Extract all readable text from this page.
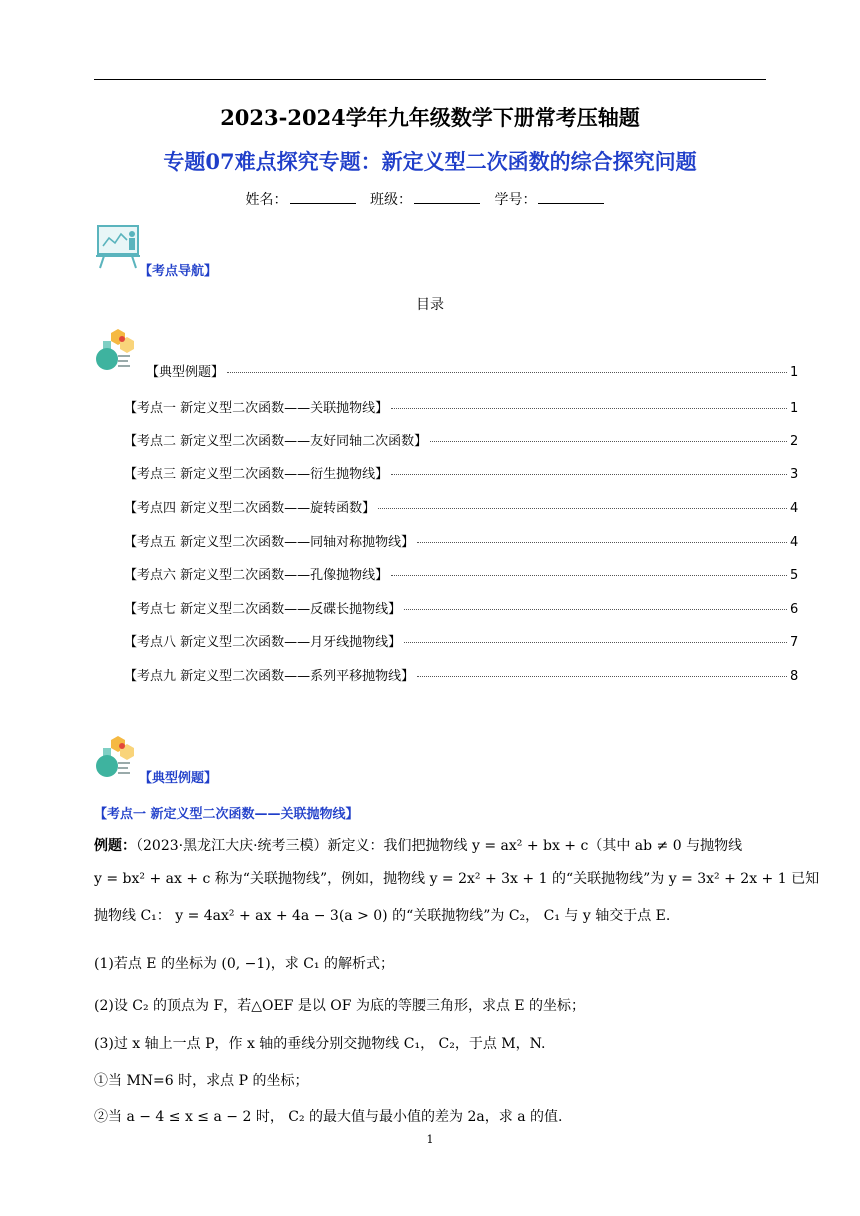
2023-2024学年九年级数学下册常考压轴题
专题07难点探究专题：新定义型二次函数的综合探究问题
姓名：	班级：	学号：
【考点导航】
目录
【典型例题】	1
【考点一 新定义型二次函数——关联抛物线】	1
【考点二 新定义型二次函数——友好同轴二次函数】	2
【考点三 新定义型二次函数——衍生抛物线】	3
【考点四 新定义型二次函数——旋转函数】	4
【考点五 新定义型二次函数——同轴对称抛物线】	4
【考点六 新定义型二次函数——孔像抛物线】	5
【考点七 新定义型二次函数——反碟长抛物线】	6
【考点八 新定义型二次函数——月牙线抛物线】	7
【考点九 新定义型二次函数——系列平移抛物线】	8
【典型例题】
【考点一 新定义型二次函数——关联抛物线】
例题：（2023·黑龙江大庆·统考三模）新定义：我们把抛物线 y = ax² + bx + c（其中 ab ≠ 0 与抛物线
y = bx² + ax + c 称为“关联抛物线”，例如，抛物线 y = 2x² + 3x + 1 的“关联抛物线”为 y = 3x² + 2x + 1 已知
抛物线 C₁： y = 4ax² + ax + 4a − 3(a > 0) 的“关联抛物线”为 C₂， C₁ 与 y 轴交于点 E.
(1)若点 E 的坐标为 (0, −1)，求 C₁ 的解析式；
(2)设 C₂ 的顶点为 F，若△OEF 是以 OF 为底的等腰三角形，求点 E 的坐标；
(3)过 x 轴上一点 P，作 x 轴的垂线分别交抛物线 C₁， C₂，于点 M，N.
①当 MN=6 时，求点 P 的坐标；
②当 a − 4 ≤ x ≤ a − 2 时， C₂ 的最大值与最小值的差为 2a，求 a 的值.
1
